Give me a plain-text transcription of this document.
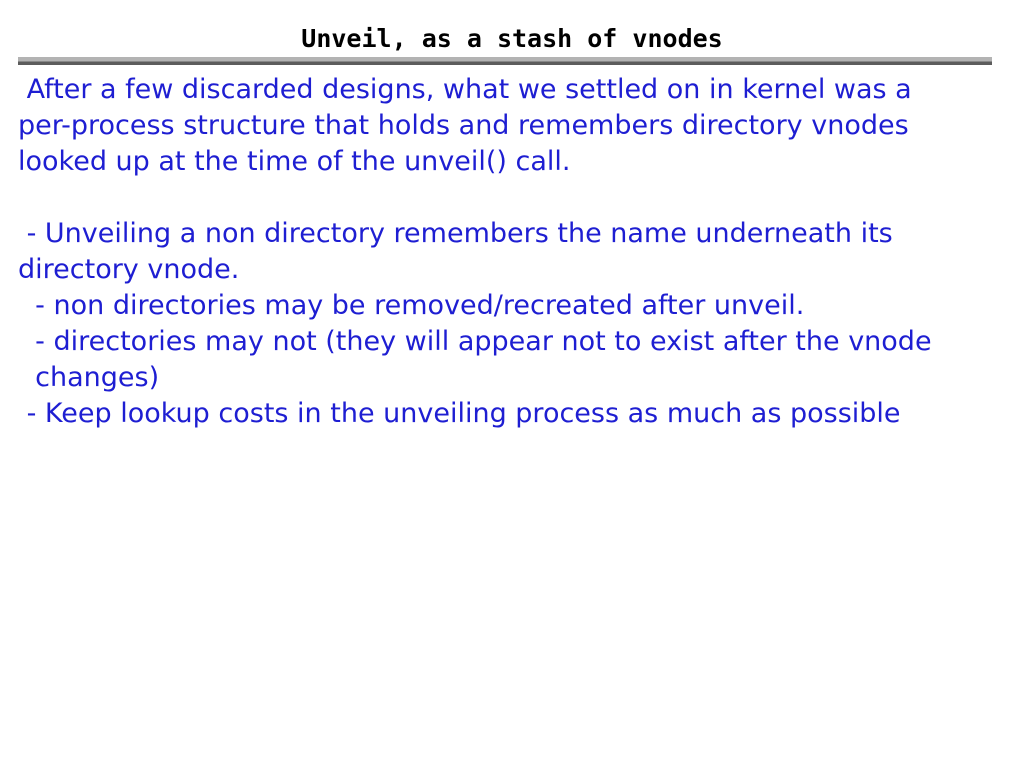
Unveil, as a stash of vnodes
After a few discarded designs, what we settled on in kernel was a
per-process structure that holds and remembers directory vnodes
looked up at the time of the unveil() call.
- Unveiling a non directory remembers the name underneath its
directory vnode.
- non directories may be removed/recreated after unveil.
- directories may not (they will appear not to exist after the vnode
changes)
- Keep lookup costs in the unveiling process as much as possible
